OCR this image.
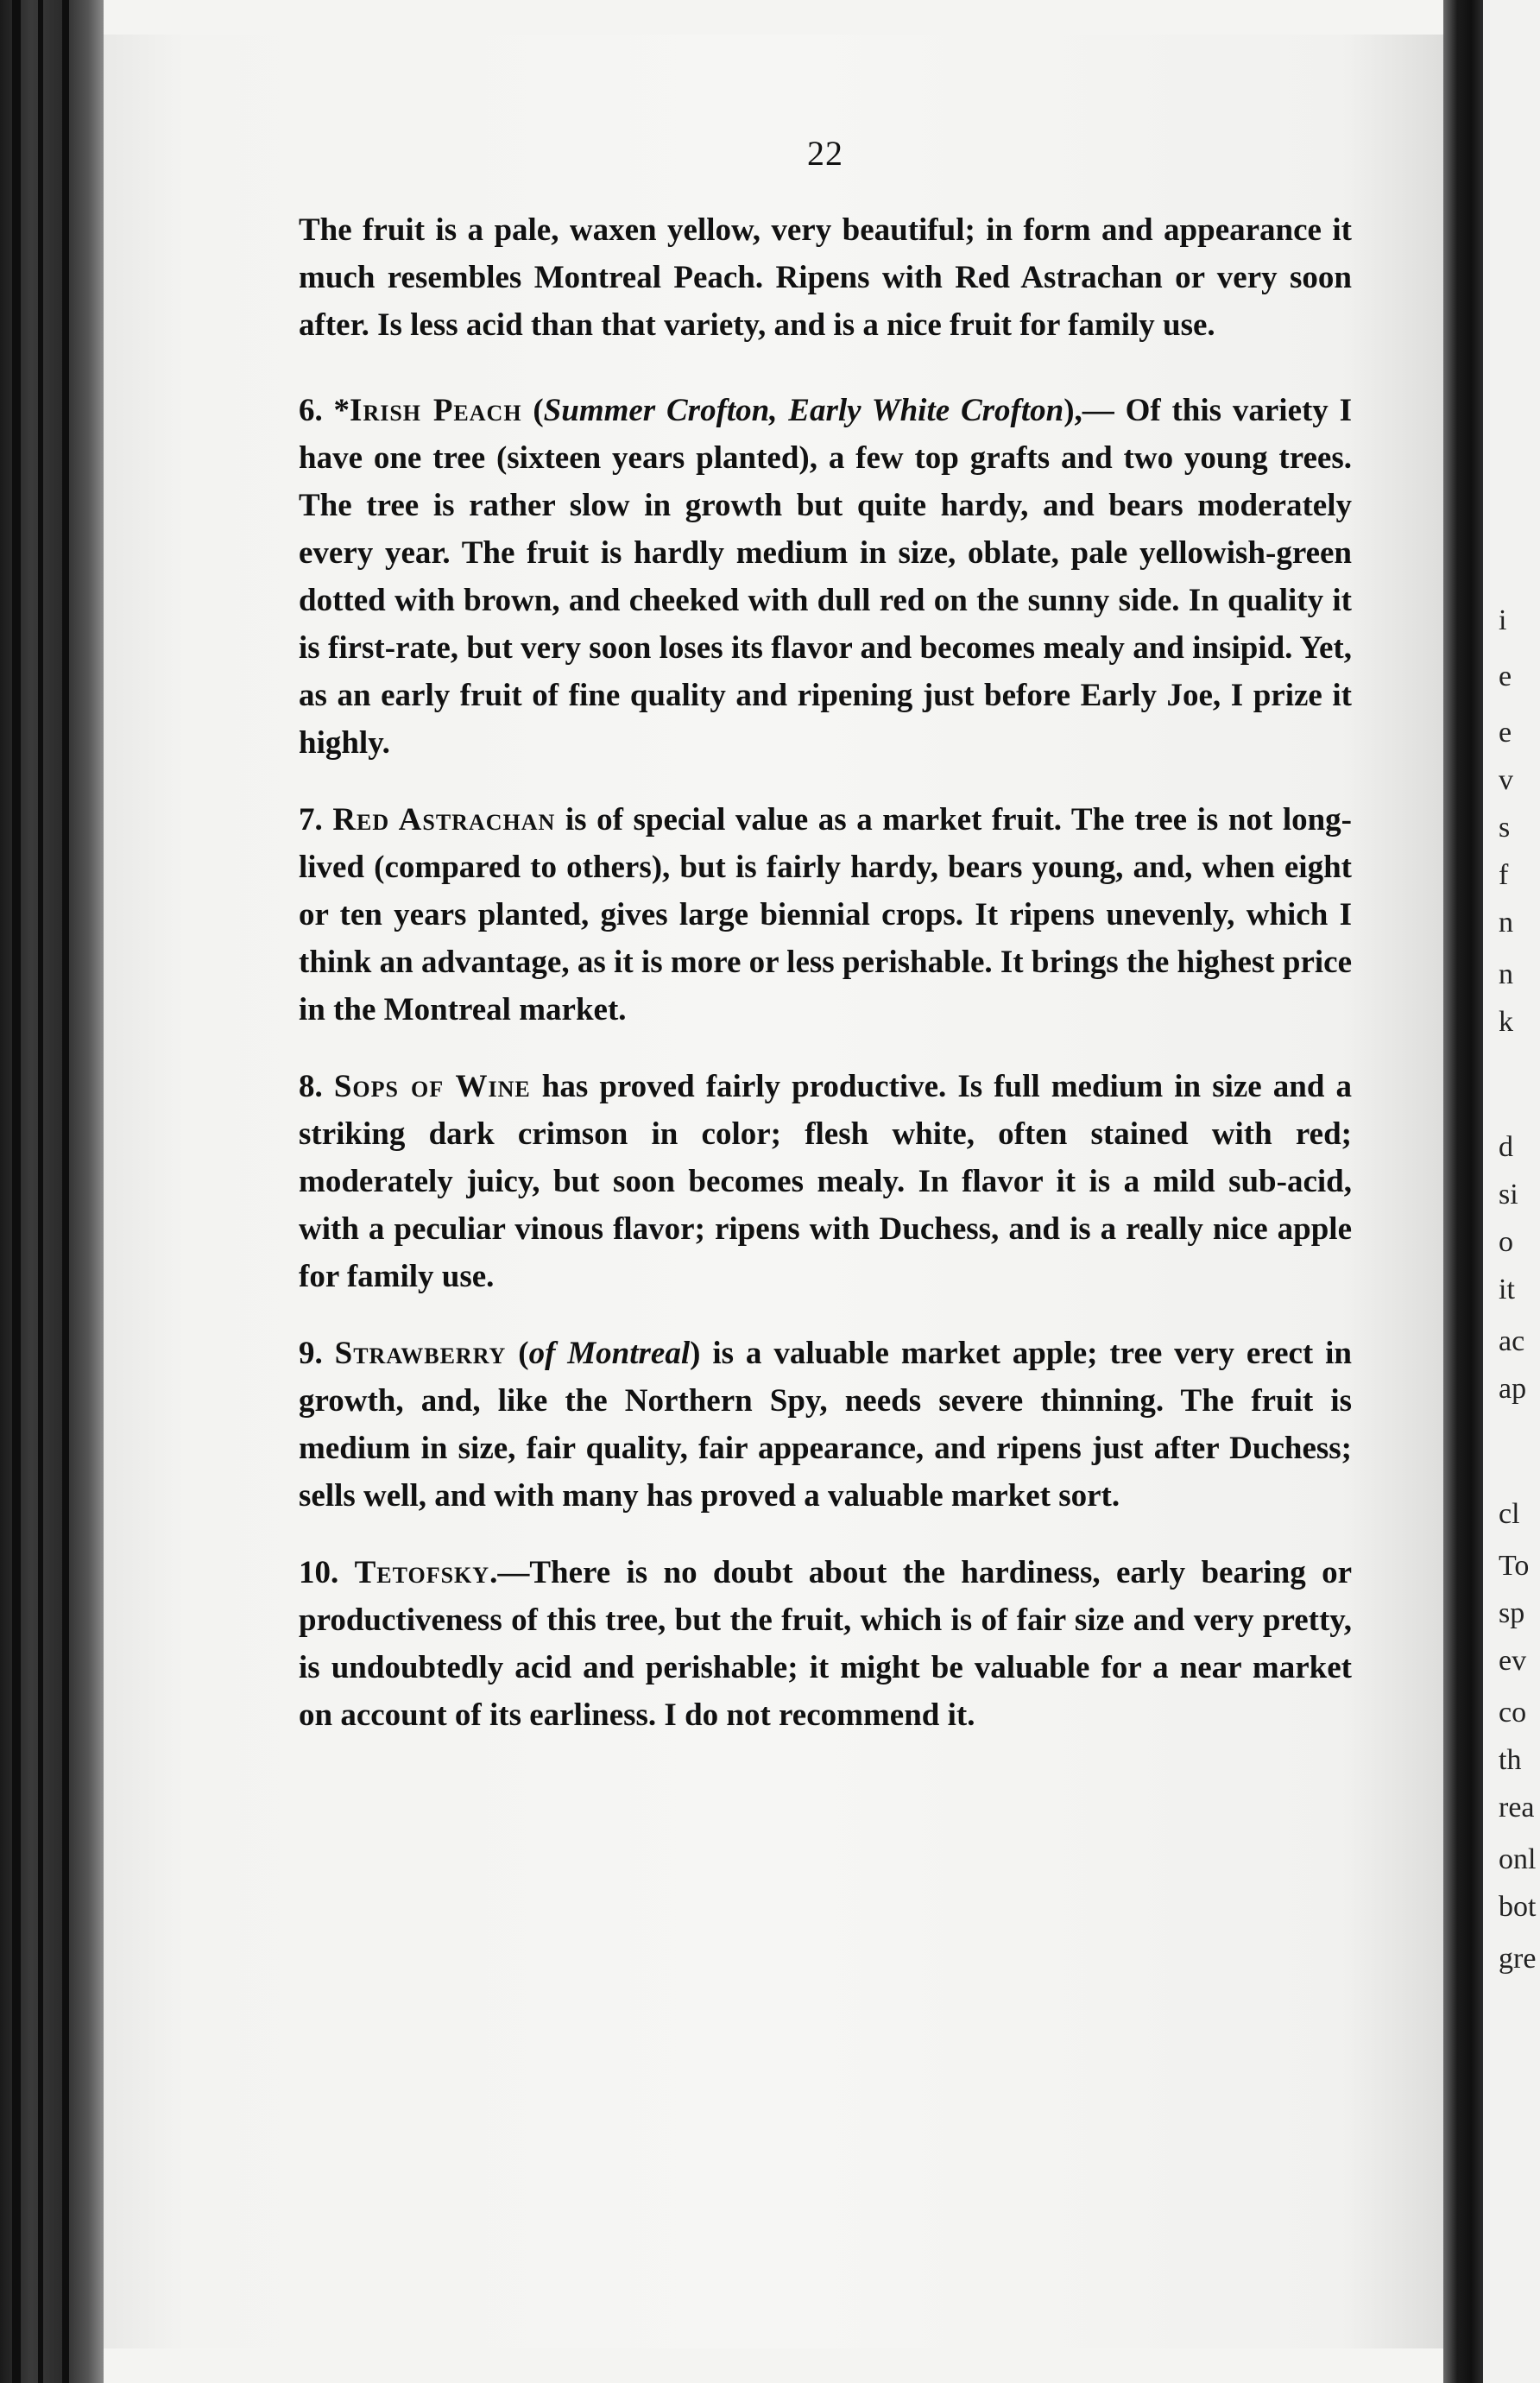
22

The fruit is a pale, waxen yellow, very beautiful; in form and appearance it much resembles Montreal Peach. Ripens with Red Astrachan or very soon after. Is less acid than that variety, and is a nice fruit for family use.

6. *Irish Peach (Summer Crofton, Early White Crofton),— Of this variety I have one tree (sixteen years planted), a few top grafts and two young trees. The tree is rather slow in growth but quite hardy, and bears moderately every year. The fruit is hardly medium in size, oblate, pale yellowish-green dotted with brown, and cheeked with dull red on the sunny side. In quality it is first-rate, but very soon loses its flavor and becomes mealy and insipid. Yet, as an early fruit of fine quality and ripening just before Early Joe, I prize it highly.

7. Red Astrachan is of special value as a market fruit. The tree is not long-lived (compared to others), but is fairly hardy, bears young, and, when eight or ten years planted, gives large biennial crops. It ripens unevenly, which I think an advantage, as it is more or less perishable. It brings the highest price in the Montreal market.

8. Sops of Wine has proved fairly productive. Is full medium in size and a striking dark crimson in color; flesh white, often stained with red; moderately juicy, but soon becomes mealy. In flavor it is a mild sub-acid, with a peculiar vinous flavor; ripens with Duchess, and is a really nice apple for family use.

9. Strawberry (of Montreal) is a valuable market apple; tree very erect in growth, and, like the Northern Spy, needs severe thinning. The fruit is medium in size, fair quality, fair appearance, and ripens just after Duchess; sells well, and with many has proved a valuable market sort.

10. Tetofsky.—There is no doubt about the hardiness, early bearing or productiveness of this tree, but the fruit, which is of fair size and very pretty, is undoubtedly acid and perishable; it might be valuable for a near market on account of its earliness. I do not recommend it.

i
e
e
v
s
f
n
n
k
d
si
o
it
ac
ap
cl
To
sp
ev
co
th
rea
onl
bot
gre
